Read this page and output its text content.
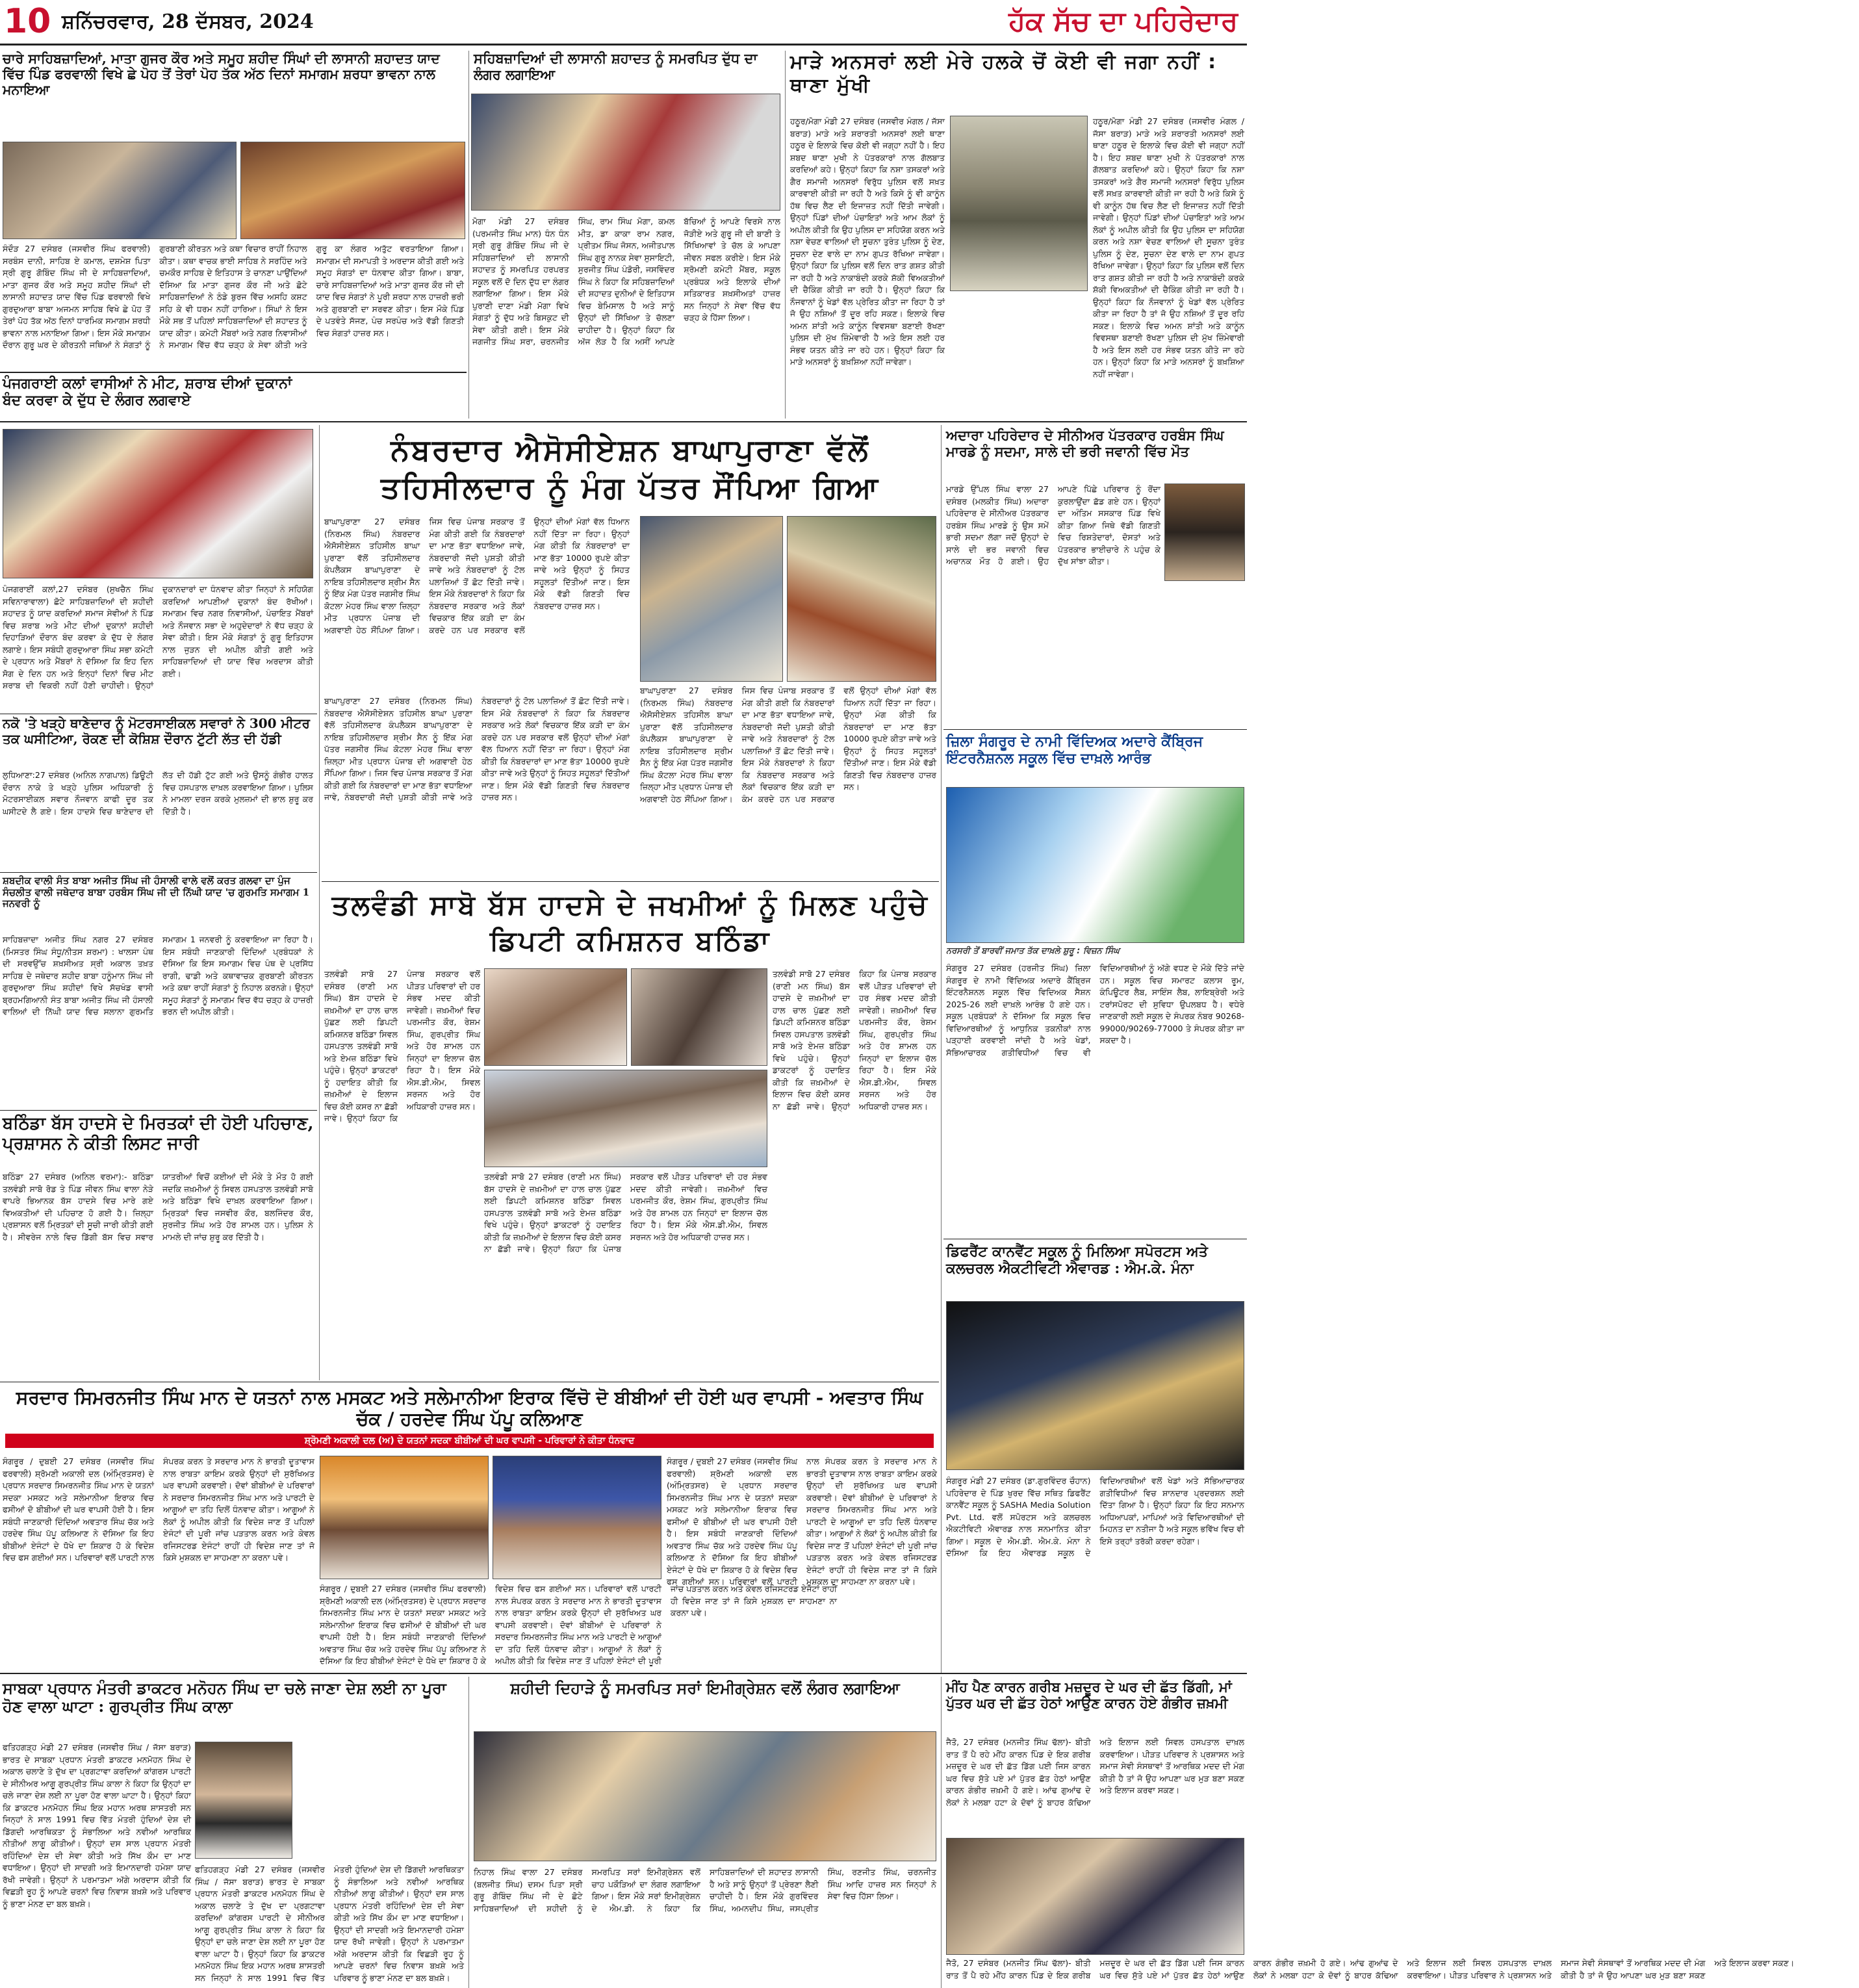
10 ਸ਼ਨਿੱਚਰਵਾਰ, 28 ਦੱਸਬਰ, 2024	ਹੱਕ ਸੱਚ ਦਾ ਪਹਿਰੇਦਾਰ
ਚਾਰੇ ਸਾਹਿਬਜ਼ਾਦਿਆਂ, ਮਾਤਾ ਗੁਜਰ ਕੌਰ ਅਤੇ ਸਮੂਹ ਸ਼ਹੀਦ ਸਿੰਘਾਂ ਦੀ ਲਾਸਾਨੀ ਸ਼ਹਾਦਤ ਯਾਦ ਵਿੱਚ ਪਿੰਡ ਫਰਵਾਲੀ ਵਿਖੇ ਛੇ ਪੋਹ ਤੋਂ ਤੇਰਾਂ ਪੋਹ ਤੱਕ ਅੱਠ ਦਿਨਾਂ ਸਮਾਗਮ ਸ਼ਰਧਾ ਭਾਵਨਾ ਨਾਲ ਮਨਾਇਆ
ਸੰਦੌੜ 27 ਦਸੰਬਰ (ਜਸਵੀਰ ਸਿੰਘ ਫਰਵਾਲੀ) ਸਰਬੰਸ ਦਾਨੀ, ਸਾਹਿਬ ਏ ਕਮਾਲ, ਦਸ਼ਮੇਸ਼ ਪਿਤਾ ਸ੍ਰੀ ਗੁਰੂ ਗੋਬਿੰਦ ਸਿੰਘ ਜੀ ਦੇ ਸਾਹਿਬਜ਼ਾਦਿਆਂ, ਮਾਤਾ ਗੁਜਰ ਕੌਰ ਅਤੇ ਸਮੂਹ ਸ਼ਹੀਦ ਸਿੰਘਾਂ ਦੀ ਲਾਸਾਨੀ ਸ਼ਹਾਦਤ ਯਾਦ ਵਿੱਚ ਪਿੰਡ ਫਰਵਾਲੀ ਵਿਖੇ ਗੁਰਦੁਆਰਾ ਬਾਬਾ ਅਜਮਨ ਸਾਹਿਬ ਵਿਖੇ ਛੇ ਪੋਹ ਤੋਂ ਤੇਰਾਂ ਪੋਹ ਤੱਕ ਅੱਠ ਦਿਨਾਂ ਧਾਰਮਿਕ ਸਮਾਗਮ ਸ਼ਰਧੀ ਭਾਵਨਾ ਨਾਲ ਮਨਾਇਆ ਗਿਆ। ਇਸ ਮੌਕੇ ਸਮਾਗਮ ਦੌਰਾਨ ਗੁਰੂ ਘਰ ਦੇ ਕੀਰਤਨੀ ਜਥਿਆਂ ਨੇ ਸੰਗਤਾਂ ਨੂੰ ਗੁਰਬਾਣੀ ਕੀਰਤਨ ਅਤੇ ਕਥਾ ਵਿਚਾਰ ਰਾਹੀਂ ਨਿਹਾਲ ਕੀਤਾ। ਕਥਾ ਵਾਚਕ ਭਾਈ ਸਾਹਿਬ ਨੇ ਸਰਹਿੰਦ ਅਤੇ ਚਮਕੌਰ ਸਾਹਿਬ ਦੇ ਇਤਿਹਾਸ ਤੇ ਚਾਨਣਾ ਪਾਉਂਦਿਆਂ ਦੱਸਿਆ ਕਿ ਮਾਤਾ ਗੁਜਰ ਕੌਰ ਜੀ ਅਤੇ ਛੋਟੇ ਸਾਹਿਬਜ਼ਾਦਿਆਂ ਨੇ ਠੰਡੇ ਬੁਰਜ ਵਿੱਚ ਅਸਹਿ ਕਸ਼ਟ ਸਹਿ ਕੇ ਵੀ ਧਰਮ ਨਹੀਂ ਹਾਰਿਆ। ਸਿੰਘਾਂ ਨੇ ਇਸ ਮੌਕੇ ਸਭ ਤੋਂ ਪਹਿਲਾਂ ਸਾਹਿਬਜ਼ਾਦਿਆਂ ਦੀ ਸ਼ਹਾਦਤ ਨੂੰ ਯਾਦ ਕੀਤਾ। ਕਮੇਟੀ ਮੈਂਬਰਾਂ ਅਤੇ ਨਗਰ ਨਿਵਾਸੀਆਂ ਨੇ ਸਮਾਗਮ ਵਿੱਚ ਵੱਧ ਚੜ੍ਹ ਕੇ ਸੇਵਾ ਕੀਤੀ ਅਤੇ ਗੁਰੂ ਕਾ ਲੰਗਰ ਅਤੁੱਟ ਵਰਤਾਇਆ ਗਿਆ। ਸਮਾਗਮ ਦੀ ਸਮਾਪਤੀ ਤੇ ਅਰਦਾਸ ਕੀਤੀ ਗਈ ਅਤੇ ਸਮੂਹ ਸੰਗਤਾਂ ਦਾ ਧੰਨਵਾਦ ਕੀਤਾ ਗਿਆ। ਬਾਬਾ, ਚਾਰੇ ਸਾਹਿਬਜ਼ਾਦਿਆਂ ਅਤੇ ਮਾਤਾ ਗੁਜਰ ਕੌਰ ਜੀ ਦੀ ਯਾਦ ਵਿਚ ਸੰਗਤਾਂ ਨੇ ਪੂਰੀ ਸ਼ਰਧਾ ਨਾਲ ਹਾਜ਼ਰੀ ਭਰੀ ਅਤੇ ਗੁਰਬਾਣੀ ਦਾ ਸਰਵਣ ਕੀਤਾ। ਇਸ ਮੌਕੇ ਪਿੰਡ ਦੇ ਪਤਵੰਤੇ ਸੱਜਣ, ਪੰਚ ਸਰਪੰਚ ਅਤੇ ਵੱਡੀ ਗਿਣਤੀ ਵਿਚ ਸੰਗਤਾਂ ਹਾਜ਼ਰ ਸਨ।
ਸਹਿਬਜ਼ਾਦਿਆਂ ਦੀ ਲਾਸਾਨੀ ਸ਼ਹਾਦਤ ਨੂੰ ਸਮਰਪਿਤ ਦੁੱਧ ਦਾ ਲੰਗਰ ਲਗਾਇਆ
ਮੋਗਾ ਮੰਡੀ 27 ਦਸੰਬਰ (ਪਰਮਜੀਤ ਸਿੰਘ ਮਾਨ) ਧੰਨ ਧੰਨ ਸ੍ਰੀ ਗੁਰੂ ਗੋਬਿੰਦ ਸਿੰਘ ਜੀ ਦੇ ਸਹਿਬਜ਼ਾਦਿਆਂ ਦੀ ਲਾਸਾਨੀ ਸ਼ਹਾਦਤ ਨੂੰ ਸਮਰਪਿਤ ਹਰਪਰਤ ਸਕੂਲ ਵਲੋਂ ਦੋ ਦਿਨ ਦੁੱਧ ਦਾ ਲੰਗਰ ਲਗਾਇਆ ਗਿਆ। ਇਸ ਮੌਕੇ ਪੁਰਾਣੀ ਦਾਣਾ ਮੰਡੀ ਮੋਗਾ ਵਿਖੇ ਸੰਗਤਾਂ ਨੂੰ ਦੁੱਧ ਅਤੇ ਬਿਸਕੁਟ ਦੀ ਸੇਵਾ ਕੀਤੀ ਗਈ। ਇਸ ਮੌਕੇ ਜਗਜੀਤ ਸਿੰਘ ਸਰਾ, ਚਰਨਜੀਤ ਸਿੰਘ, ਰਾਮ ਸਿੰਘ ਮੋਗਾ, ਕਮਲ ਮੀਤ, ਡਾ ਕਾਕਾ ਰਾਮ ਨਗਰ, ਪ੍ਰੀਤਮ ਸਿੰਘ ਜੋਸਨ, ਅਜੀਤਪਾਲ ਸਿੰਘ ਗੁਰੂ ਨਾਨਕ ਸੇਵਾ ਸੁਸਾਇਟੀ, ਸੁਰਜੀਤ ਸਿੰਘ ਪੰਡੋਰੀ, ਜਸਵਿੰਦਰ ਸਿੰਘ ਨੇ ਕਿਹਾ ਕਿ ਸਹਿਬਜ਼ਾਦਿਆਂ ਦੀ ਸ਼ਹਾਦਤ ਦੁਨੀਆਂ ਦੇ ਇਤਿਹਾਸ ਵਿਚ ਬੇਮਿਸਾਲ ਹੈ ਅਤੇ ਸਾਨੂੰ ਉਨ੍ਹਾਂ ਦੀ ਸਿੱਖਿਆ ਤੇ ਚੱਲਣਾ ਚਾਹੀਦਾ ਹੈ। ਉਨ੍ਹਾਂ ਕਿਹਾ ਕਿ ਅੱਜ ਲੋੜ ਹੈ ਕਿ ਅਸੀਂ ਆਪਣੇ ਬੱਚਿਆਂ ਨੂੰ ਆਪਣੇ ਵਿਰਸੇ ਨਾਲ ਜੋੜੀਏ ਅਤੇ ਗੁਰੂ ਜੀ ਦੀ ਬਾਣੀ ਤੇ ਸਿੱਖਿਆਵਾਂ ਤੇ ਚੱਲ ਕੇ ਆਪਣਾ ਜੀਵਨ ਸਫਲ ਕਰੀਏ। ਇਸ ਮੌਕੇ ਸ਼੍ਰੋਮਣੀ ਕਮੇਟੀ ਮੈਂਬਰ, ਸਕੂਲ ਪ੍ਰਬੰਧਕ ਅਤੇ ਇਲਾਕੇ ਦੀਆਂ ਸਤਿਕਾਰਤ ਸ਼ਖ਼ਸੀਅਤਾਂ ਹਾਜ਼ਰ ਸਨ ਜਿਨ੍ਹਾਂ ਨੇ ਸੇਵਾ ਵਿੱਚ ਵੱਧ ਚੜ੍ਹ ਕੇ ਹਿੱਸਾ ਲਿਆ।
ਮਾੜੇ ਅਨਸਰਾਂ ਲਈ ਮੇਰੇ ਹਲਕੇ ਚੋਂ ਕੋਈ ਵੀ ਜਗਾ ਨਹੀਂ : ਥਾਣਾ ਮੁੱਖੀ
ਹਠੂਰ/ਮੋਗਾ ਮੰਡੀ 27 ਦਸੰਬਰ (ਜਸਵੀਰ ਮੰਗਲ / ਜੱਸਾ ਬਰਾੜ) ਮਾੜੇ ਅਤੇ ਸ਼ਰਾਰਤੀ ਅਨਸਰਾਂ ਲਈ ਥਾਣਾ ਹਠੂਰ ਦੇ ਇਲਾਕੇ ਵਿਚ ਕੋਈ ਵੀ ਜਗ੍ਹਾ ਨਹੀਂ ਹੈ। ਇਹ ਸ਼ਬਦ ਥਾਣਾ ਮੁਖੀ ਨੇ ਪੱਤਰਕਾਰਾਂ ਨਾਲ ਗੱਲਬਾਤ ਕਰਦਿਆਂ ਕਹੇ। ਉਨ੍ਹਾਂ ਕਿਹਾ ਕਿ ਨਸ਼ਾ ਤਸਕਰਾਂ ਅਤੇ ਗੈਰ ਸਮਾਜੀ ਅਨਸਰਾਂ ਵਿਰੁੱਧ ਪੁਲਿਸ ਵਲੋਂ ਸਖ਼ਤ ਕਾਰਵਾਈ ਕੀਤੀ ਜਾ ਰਹੀ ਹੈ ਅਤੇ ਕਿਸੇ ਨੂੰ ਵੀ ਕਾਨੂੰਨ ਹੱਥ ਵਿਚ ਲੈਣ ਦੀ ਇਜਾਜ਼ਤ ਨਹੀਂ ਦਿੱਤੀ ਜਾਵੇਗੀ। ਉਨ੍ਹਾਂ ਪਿੰਡਾਂ ਦੀਆਂ ਪੰਚਾਇਤਾਂ ਅਤੇ ਆਮ ਲੋਕਾਂ ਨੂੰ ਅਪੀਲ ਕੀਤੀ ਕਿ ਉਹ ਪੁਲਿਸ ਦਾ ਸਹਿਯੋਗ ਕਰਨ ਅਤੇ ਨਸ਼ਾ ਵੇਚਣ ਵਾਲਿਆਂ ਦੀ ਸੂਚਨਾ ਤੁਰੰਤ ਪੁਲਿਸ ਨੂੰ ਦੇਣ, ਸੂਚਨਾ ਦੇਣ ਵਾਲੇ ਦਾ ਨਾਮ ਗੁਪਤ ਰੱਖਿਆ ਜਾਵੇਗਾ। ਉਨ੍ਹਾਂ ਕਿਹਾ ਕਿ ਪੁਲਿਸ ਵਲੋਂ ਦਿਨ ਰਾਤ ਗਸ਼ਤ ਕੀਤੀ ਜਾ ਰਹੀ ਹੈ ਅਤੇ ਨਾਕਾਬੰਦੀ ਕਰਕੇ ਸ਼ੱਕੀ ਵਿਅਕਤੀਆਂ ਦੀ ਚੈਕਿੰਗ ਕੀਤੀ ਜਾ ਰਹੀ ਹੈ। ਉਨ੍ਹਾਂ ਕਿਹਾ ਕਿ ਨੌਜਵਾਨਾਂ ਨੂੰ ਖੇਡਾਂ ਵੱਲ ਪ੍ਰੇਰਿਤ ਕੀਤਾ ਜਾ ਰਿਹਾ ਹੈ ਤਾਂ ਜੋ ਉਹ ਨਸ਼ਿਆਂ ਤੋਂ ਦੂਰ ਰਹਿ ਸਕਣ। ਇਲਾਕੇ ਵਿਚ ਅਮਨ ਸ਼ਾਂਤੀ ਅਤੇ ਕਾਨੂੰਨ ਵਿਵਸਥਾ ਬਣਾਈ ਰੱਖਣਾ ਪੁਲਿਸ ਦੀ ਮੁੱਖ ਜ਼ਿੰਮੇਵਾਰੀ ਹੈ ਅਤੇ ਇਸ ਲਈ ਹਰ ਸੰਭਵ ਯਤਨ ਕੀਤੇ ਜਾ ਰਹੇ ਹਨ। ਉਨ੍ਹਾਂ ਕਿਹਾ ਕਿ ਮਾੜੇ ਅਨਸਰਾਂ ਨੂੰ ਬਖ਼ਸ਼ਿਆ ਨਹੀਂ ਜਾਵੇਗਾ।
ਹਠੂਰ/ਮੋਗਾ ਮੰਡੀ 27 ਦਸੰਬਰ (ਜਸਵੀਰ ਮੰਗਲ / ਜੱਸਾ ਬਰਾੜ) ਮਾੜੇ ਅਤੇ ਸ਼ਰਾਰਤੀ ਅਨਸਰਾਂ ਲਈ ਥਾਣਾ ਹਠੂਰ ਦੇ ਇਲਾਕੇ ਵਿਚ ਕੋਈ ਵੀ ਜਗ੍ਹਾ ਨਹੀਂ ਹੈ। ਇਹ ਸ਼ਬਦ ਥਾਣਾ ਮੁਖੀ ਨੇ ਪੱਤਰਕਾਰਾਂ ਨਾਲ ਗੱਲਬਾਤ ਕਰਦਿਆਂ ਕਹੇ। ਉਨ੍ਹਾਂ ਕਿਹਾ ਕਿ ਨਸ਼ਾ ਤਸਕਰਾਂ ਅਤੇ ਗੈਰ ਸਮਾਜੀ ਅਨਸਰਾਂ ਵਿਰੁੱਧ ਪੁਲਿਸ ਵਲੋਂ ਸਖ਼ਤ ਕਾਰਵਾਈ ਕੀਤੀ ਜਾ ਰਹੀ ਹੈ ਅਤੇ ਕਿਸੇ ਨੂੰ ਵੀ ਕਾਨੂੰਨ ਹੱਥ ਵਿਚ ਲੈਣ ਦੀ ਇਜਾਜ਼ਤ ਨਹੀਂ ਦਿੱਤੀ ਜਾਵੇਗੀ। ਉਨ੍ਹਾਂ ਪਿੰਡਾਂ ਦੀਆਂ ਪੰਚਾਇਤਾਂ ਅਤੇ ਆਮ ਲੋਕਾਂ ਨੂੰ ਅਪੀਲ ਕੀਤੀ ਕਿ ਉਹ ਪੁਲਿਸ ਦਾ ਸਹਿਯੋਗ ਕਰਨ ਅਤੇ ਨਸ਼ਾ ਵੇਚਣ ਵਾਲਿਆਂ ਦੀ ਸੂਚਨਾ ਤੁਰੰਤ ਪੁਲਿਸ ਨੂੰ ਦੇਣ, ਸੂਚਨਾ ਦੇਣ ਵਾਲੇ ਦਾ ਨਾਮ ਗੁਪਤ ਰੱਖਿਆ ਜਾਵੇਗਾ। ਉਨ੍ਹਾਂ ਕਿਹਾ ਕਿ ਪੁਲਿਸ ਵਲੋਂ ਦਿਨ ਰਾਤ ਗਸ਼ਤ ਕੀਤੀ ਜਾ ਰਹੀ ਹੈ ਅਤੇ ਨਾਕਾਬੰਦੀ ਕਰਕੇ ਸ਼ੱਕੀ ਵਿਅਕਤੀਆਂ ਦੀ ਚੈਕਿੰਗ ਕੀਤੀ ਜਾ ਰਹੀ ਹੈ। ਉਨ੍ਹਾਂ ਕਿਹਾ ਕਿ ਨੌਜਵਾਨਾਂ ਨੂੰ ਖੇਡਾਂ ਵੱਲ ਪ੍ਰੇਰਿਤ ਕੀਤਾ ਜਾ ਰਿਹਾ ਹੈ ਤਾਂ ਜੋ ਉਹ ਨਸ਼ਿਆਂ ਤੋਂ ਦੂਰ ਰਹਿ ਸਕਣ। ਇਲਾਕੇ ਵਿਚ ਅਮਨ ਸ਼ਾਂਤੀ ਅਤੇ ਕਾਨੂੰਨ ਵਿਵਸਥਾ ਬਣਾਈ ਰੱਖਣਾ ਪੁਲਿਸ ਦੀ ਮੁੱਖ ਜ਼ਿੰਮੇਵਾਰੀ ਹੈ ਅਤੇ ਇਸ ਲਈ ਹਰ ਸੰਭਵ ਯਤਨ ਕੀਤੇ ਜਾ ਰਹੇ ਹਨ। ਉਨ੍ਹਾਂ ਕਿਹਾ ਕਿ ਮਾੜੇ ਅਨਸਰਾਂ ਨੂੰ ਬਖ਼ਸ਼ਿਆ ਨਹੀਂ ਜਾਵੇਗਾ।
ਪੰਜਗਰਾਈ ਕਲਾਂ ਵਾਸੀਆਂ ਨੇ ਮੀਟ, ਸ਼ਰਾਬ ਦੀਆਂ ਦੁਕਾਨਾਂ ਬੰਦ ਕਰਵਾ ਕੇ ਦੁੱਧ ਦੇ ਲੰਗਰ ਲਗਵਾਏ
ਪੰਜਗਰਾਈਂ ਕਲਾਂ,27 ਦਸੰਬਰ (ਸੁਖਚੈਨ ਸਿੰਘ ਸਵਿਨਾਰਾਵਾਲਾ) ਛੋਟੇ ਸਾਹਿਬਜ਼ਾਦਿਆਂ ਦੀ ਸ਼ਹੀਦੀ ਸ਼ਹਾਦਤ ਨੂੰ ਯਾਦ ਕਰਦਿਆਂ ਸਮਾਜ ਸੇਵੀਆਂ ਨੇ ਪਿੰਡ ਵਿਚ ਸ਼ਰਾਬ ਅਤੇ ਮੀਟ ਦੀਆਂ ਦੁਕਾਨਾਂ ਸ਼ਹੀਦੀ ਦਿਹਾੜਿਆਂ ਦੌਰਾਨ ਬੰਦ ਕਰਵਾ ਕੇ ਦੁੱਧ ਦੇ ਲੰਗਰ ਲਗਾਏ। ਇਸ ਸਬੰਧੀ ਗੁਰਦੁਆਰਾ ਸਿੰਘ ਸਭਾ ਕਮੇਟੀ ਦੇ ਪ੍ਰਧਾਨ ਅਤੇ ਮੈਂਬਰਾਂ ਨੇ ਦੱਸਿਆ ਕਿ ਇਹ ਦਿਨ ਸੋਗ ਦੇ ਦਿਨ ਹਨ ਅਤੇ ਇਨ੍ਹਾਂ ਦਿਨਾਂ ਵਿਚ ਮੀਟ ਸ਼ਰਾਬ ਦੀ ਵਿਕਰੀ ਨਹੀਂ ਹੋਣੀ ਚਾਹੀਦੀ। ਉਨ੍ਹਾਂ ਦੁਕਾਨਦਾਰਾਂ ਦਾ ਧੰਨਵਾਦ ਕੀਤਾ ਜਿਨ੍ਹਾਂ ਨੇ ਸਹਿਯੋਗ ਕਰਦਿਆਂ ਆਪਣੀਆਂ ਦੁਕਾਨਾਂ ਬੰਦ ਰੱਖੀਆਂ। ਸਮਾਗਮ ਵਿਚ ਨਗਰ ਨਿਵਾਸੀਆਂ, ਪੰਚਾਇਤ ਮੈਂਬਰਾਂ ਅਤੇ ਨੌਜਵਾਨ ਸਭਾ ਦੇ ਅਹੁਦੇਦਾਰਾਂ ਨੇ ਵੱਧ ਚੜ੍ਹ ਕੇ ਸੇਵਾ ਕੀਤੀ। ਇਸ ਮੌਕੇ ਸੰਗਤਾਂ ਨੂੰ ਗੁਰੂ ਇਤਿਹਾਸ ਨਾਲ ਜੁੜਨ ਦੀ ਅਪੀਲ ਕੀਤੀ ਗਈ ਅਤੇ ਸਾਹਿਬਜ਼ਾਦਿਆਂ ਦੀ ਯਾਦ ਵਿੱਚ ਅਰਦਾਸ ਕੀਤੀ ਗਈ।
ਨੰਬਰਦਾਰ ਐਸੋਸੀਏਸ਼ਨ ਬਾਘਾਪੁਰਾਣਾ ਵੱਲੋਂ ਤਹਿਸੀਲਦਾਰ ਨੂੰ ਮੰਗ ਪੱਤਰ ਸੌਂਪਿਆ ਗਿਆ
ਬਾਘਾਪੁਰਾਣਾ 27 ਦਸੰਬਰ (ਨਿਰਮਲ ਸਿੰਘ) ਨੰਬਰਦਾਰ ਐਸੋਸੀਏਸ਼ਨ ਤਹਿਸੀਲ ਬਾਘਾ ਪੁਰਾਣਾ ਵੱਲੋਂ ਤਹਿਸੀਲਦਾਰ ਕੰਪਲੈਕਸ ਬਾਘਾਪੁਰਾਣਾ ਦੇ ਨਾਇਬ ਤਹਿਸੀਲਦਾਰ ਸ਼੍ਰੀਮ ਸੈਨ ਨੂੰ ਇੱਕ ਮੰਗ ਪੱਤਰ ਜਗਸੀਰ ਸਿੰਘ ਕੋਟਲਾ ਮੇਹਰ ਸਿੰਘ ਵਾਲਾ ਜ਼ਿਲ੍ਹਾ ਮੀਤ ਪ੍ਰਧਾਨ ਪੰਜਾਬ ਦੀ ਅਗਵਾਈ ਹੇਠ ਸੌਂਪਿਆ ਗਿਆ। ਜਿਸ ਵਿਚ ਪੰਜਾਬ ਸਰਕਾਰ ਤੋਂ ਮੰਗ ਕੀਤੀ ਗਈ ਕਿ ਨੰਬਰਦਾਰਾਂ ਦਾ ਮਾਣ ਭੱਤਾ ਵਧਾਇਆ ਜਾਵੇ, ਨੰਬਰਦਾਰੀ ਜੱਦੀ ਪੁਸ਼ਤੀ ਕੀਤੀ ਜਾਵੇ ਅਤੇ ਨੰਬਰਦਾਰਾਂ ਨੂੰ ਟੋਲ ਪਲਾਜ਼ਿਆਂ ਤੋਂ ਛੋਟ ਦਿੱਤੀ ਜਾਵੇ। ਇਸ ਮੌਕੇ ਨੰਬਰਦਾਰਾਂ ਨੇ ਕਿਹਾ ਕਿ ਨੰਬਰਦਾਰ ਸਰਕਾਰ ਅਤੇ ਲੋਕਾਂ ਵਿਚਕਾਰ ਇੱਕ ਕੜੀ ਦਾ ਕੰਮ ਕਰਦੇ ਹਨ ਪਰ ਸਰਕਾਰ ਵਲੋਂ ਉਨ੍ਹਾਂ ਦੀਆਂ ਮੰਗਾਂ ਵੱਲ ਧਿਆਨ ਨਹੀਂ ਦਿੱਤਾ ਜਾ ਰਿਹਾ। ਉਨ੍ਹਾਂ ਮੰਗ ਕੀਤੀ ਕਿ ਨੰਬਰਦਾਰਾਂ ਦਾ ਮਾਣ ਭੱਤਾ 10000 ਰੁਪਏ ਕੀਤਾ ਜਾਵੇ ਅਤੇ ਉਨ੍ਹਾਂ ਨੂੰ ਸਿਹਤ ਸਹੂਲਤਾਂ ਦਿੱਤੀਆਂ ਜਾਣ। ਇਸ ਮੌਕੇ ਵੱਡੀ ਗਿਣਤੀ ਵਿਚ ਨੰਬਰਦਾਰ ਹਾਜ਼ਰ ਸਨ।
ਬਾਘਾਪੁਰਾਣਾ 27 ਦਸੰਬਰ (ਨਿਰਮਲ ਸਿੰਘ) ਨੰਬਰਦਾਰ ਐਸੋਸੀਏਸ਼ਨ ਤਹਿਸੀਲ ਬਾਘਾ ਪੁਰਾਣਾ ਵੱਲੋਂ ਤਹਿਸੀਲਦਾਰ ਕੰਪਲੈਕਸ ਬਾਘਾਪੁਰਾਣਾ ਦੇ ਨਾਇਬ ਤਹਿਸੀਲਦਾਰ ਸ਼੍ਰੀਮ ਸੈਨ ਨੂੰ ਇੱਕ ਮੰਗ ਪੱਤਰ ਜਗਸੀਰ ਸਿੰਘ ਕੋਟਲਾ ਮੇਹਰ ਸਿੰਘ ਵਾਲਾ ਜ਼ਿਲ੍ਹਾ ਮੀਤ ਪ੍ਰਧਾਨ ਪੰਜਾਬ ਦੀ ਅਗਵਾਈ ਹੇਠ ਸੌਂਪਿਆ ਗਿਆ। ਜਿਸ ਵਿਚ ਪੰਜਾਬ ਸਰਕਾਰ ਤੋਂ ਮੰਗ ਕੀਤੀ ਗਈ ਕਿ ਨੰਬਰਦਾਰਾਂ ਦਾ ਮਾਣ ਭੱਤਾ ਵਧਾਇਆ ਜਾਵੇ, ਨੰਬਰਦਾਰੀ ਜੱਦੀ ਪੁਸ਼ਤੀ ਕੀਤੀ ਜਾਵੇ ਅਤੇ ਨੰਬਰਦਾਰਾਂ ਨੂੰ ਟੋਲ ਪਲਾਜ਼ਿਆਂ ਤੋਂ ਛੋਟ ਦਿੱਤੀ ਜਾਵੇ। ਇਸ ਮੌਕੇ ਨੰਬਰਦਾਰਾਂ ਨੇ ਕਿਹਾ ਕਿ ਨੰਬਰਦਾਰ ਸਰਕਾਰ ਅਤੇ ਲੋਕਾਂ ਵਿਚਕਾਰ ਇੱਕ ਕੜੀ ਦਾ ਕੰਮ ਕਰਦੇ ਹਨ ਪਰ ਸਰਕਾਰ ਵਲੋਂ ਉਨ੍ਹਾਂ ਦੀਆਂ ਮੰਗਾਂ ਵੱਲ ਧਿਆਨ ਨਹੀਂ ਦਿੱਤਾ ਜਾ ਰਿਹਾ। ਉਨ੍ਹਾਂ ਮੰਗ ਕੀਤੀ ਕਿ ਨੰਬਰਦਾਰਾਂ ਦਾ ਮਾਣ ਭੱਤਾ 10000 ਰੁਪਏ ਕੀਤਾ ਜਾਵੇ ਅਤੇ ਉਨ੍ਹਾਂ ਨੂੰ ਸਿਹਤ ਸਹੂਲਤਾਂ ਦਿੱਤੀਆਂ ਜਾਣ। ਇਸ ਮੌਕੇ ਵੱਡੀ ਗਿਣਤੀ ਵਿਚ ਨੰਬਰਦਾਰ ਹਾਜ਼ਰ ਸਨ।
ਬਾਘਾਪੁਰਾਣਾ 27 ਦਸੰਬਰ (ਨਿਰਮਲ ਸਿੰਘ) ਨੰਬਰਦਾਰ ਐਸੋਸੀਏਸ਼ਨ ਤਹਿਸੀਲ ਬਾਘਾ ਪੁਰਾਣਾ ਵੱਲੋਂ ਤਹਿਸੀਲਦਾਰ ਕੰਪਲੈਕਸ ਬਾਘਾਪੁਰਾਣਾ ਦੇ ਨਾਇਬ ਤਹਿਸੀਲਦਾਰ ਸ਼੍ਰੀਮ ਸੈਨ ਨੂੰ ਇੱਕ ਮੰਗ ਪੱਤਰ ਜਗਸੀਰ ਸਿੰਘ ਕੋਟਲਾ ਮੇਹਰ ਸਿੰਘ ਵਾਲਾ ਜ਼ਿਲ੍ਹਾ ਮੀਤ ਪ੍ਰਧਾਨ ਪੰਜਾਬ ਦੀ ਅਗਵਾਈ ਹੇਠ ਸੌਂਪਿਆ ਗਿਆ। ਜਿਸ ਵਿਚ ਪੰਜਾਬ ਸਰਕਾਰ ਤੋਂ ਮੰਗ ਕੀਤੀ ਗਈ ਕਿ ਨੰਬਰਦਾਰਾਂ ਦਾ ਮਾਣ ਭੱਤਾ ਵਧਾਇਆ ਜਾਵੇ, ਨੰਬਰਦਾਰੀ ਜੱਦੀ ਪੁਸ਼ਤੀ ਕੀਤੀ ਜਾਵੇ ਅਤੇ ਨੰਬਰਦਾਰਾਂ ਨੂੰ ਟੋਲ ਪਲਾਜ਼ਿਆਂ ਤੋਂ ਛੋਟ ਦਿੱਤੀ ਜਾਵੇ। ਇਸ ਮੌਕੇ ਨੰਬਰਦਾਰਾਂ ਨੇ ਕਿਹਾ ਕਿ ਨੰਬਰਦਾਰ ਸਰਕਾਰ ਅਤੇ ਲੋਕਾਂ ਵਿਚਕਾਰ ਇੱਕ ਕੜੀ ਦਾ ਕੰਮ ਕਰਦੇ ਹਨ ਪਰ ਸਰਕਾਰ ਵਲੋਂ ਉਨ੍ਹਾਂ ਦੀਆਂ ਮੰਗਾਂ ਵੱਲ ਧਿਆਨ ਨਹੀਂ ਦਿੱਤਾ ਜਾ ਰਿਹਾ। ਉਨ੍ਹਾਂ ਮੰਗ ਕੀਤੀ ਕਿ ਨੰਬਰਦਾਰਾਂ ਦਾ ਮਾਣ ਭੱਤਾ 10000 ਰੁਪਏ ਕੀਤਾ ਜਾਵੇ ਅਤੇ ਉਨ੍ਹਾਂ ਨੂੰ ਸਿਹਤ ਸਹੂਲਤਾਂ ਦਿੱਤੀਆਂ ਜਾਣ। ਇਸ ਮੌਕੇ ਵੱਡੀ ਗਿਣਤੀ ਵਿਚ ਨੰਬਰਦਾਰ ਹਾਜ਼ਰ ਸਨ।
ਅਦਾਰਾ ਪਹਿਰੇਦਾਰ ਦੇ ਸੀਨੀਅਰ ਪੱਤਰਕਾਰ ਹਰਬੰਸ ਸਿੰਘ ਮਾਰਡੇ ਨੂੰ ਸਦਮਾ, ਸਾਲੇ ਦੀ ਭਰੀ ਜਵਾਨੀ ਵਿੱਚ ਮੌਤ
ਮਾਰਡੇ ਉੱਪਲ ਸਿੰਘ ਵਾਲਾ 27 ਦਸੰਬਰ (ਮਲਕੀਤ ਸਿੰਘ) ਅਦਾਰਾ ਪਹਿਰੇਦਾਰ ਦੇ ਸੀਨੀਅਰ ਪੱਤਰਕਾਰ ਹਰਬੰਸ ਸਿੰਘ ਮਾਰਡੇ ਨੂੰ ਉਸ ਸਮੇਂ ਭਾਰੀ ਸਦਮਾ ਲੱਗਾ ਜਦੋਂ ਉਨ੍ਹਾਂ ਦੇ ਸਾਲੇ ਦੀ ਭਰ ਜਵਾਨੀ ਵਿਚ ਅਚਾਨਕ ਮੌਤ ਹੋ ਗਈ। ਉਹ ਆਪਣੇ ਪਿੱਛੇ ਪਰਿਵਾਰ ਨੂੰ ਰੋਂਦਾ ਕੁਰਲਾਉਂਦਾ ਛੱਡ ਗਏ ਹਨ। ਉਨ੍ਹਾਂ ਦਾ ਅੰਤਿਮ ਸਸਕਾਰ ਪਿੰਡ ਵਿਖੇ ਕੀਤਾ ਗਿਆ ਜਿਥੇ ਵੱਡੀ ਗਿਣਤੀ ਵਿਚ ਰਿਸ਼ਤੇਦਾਰਾਂ, ਦੋਸਤਾਂ ਅਤੇ ਪੱਤਰਕਾਰ ਭਾਈਚਾਰੇ ਨੇ ਪਹੁੰਚ ਕੇ ਦੁੱਖ ਸਾਂਝਾ ਕੀਤਾ।
ਜ਼ਿਲਾ ਸੰਗਰੂਰ ਦੇ ਨਾਮੀ ਵਿੱਦਿਅਕ ਅਦਾਰੇ ਕੈਂਬ੍ਰਿਜ ਇੰਟਰਨੈਸ਼ਨਲ ਸਕੂਲ ਵਿੱਚ ਦਾਖ਼ਲੇ ਆਰੰਭ
ਨਰਸਰੀ ਤੋਂ ਬਾਰਵੀਂ ਜਮਾਤ ਤੱਕ ਦਾਖ਼ਲੇ ਸ਼ੁਰੂ : ਵਿਜ਼ਨ ਸਿੰਘ
ਸੰਗਰੂਰ 27 ਦਸੰਬਰ (ਹਰਜੀਤ ਸਿੰਘ) ਜ਼ਿਲਾ ਸੰਗਰੂਰ ਦੇ ਨਾਮੀ ਵਿੱਦਿਅਕ ਅਦਾਰੇ ਕੈਂਬ੍ਰਿਜ ਇੰਟਰਨੈਸ਼ਨਲ ਸਕੂਲ ਵਿੱਚ ਵਿਦਿਅਕ ਸੈਸ਼ਨ 2025-26 ਲਈ ਦਾਖ਼ਲੇ ਆਰੰਭ ਹੋ ਗਏ ਹਨ। ਸਕੂਲ ਪ੍ਰਬੰਧਕਾਂ ਨੇ ਦੱਸਿਆ ਕਿ ਸਕੂਲ ਵਿਚ ਵਿਦਿਆਰਥੀਆਂ ਨੂੰ ਆਧੁਨਿਕ ਤਕਨੀਕਾਂ ਨਾਲ ਪੜ੍ਹਾਈ ਕਰਵਾਈ ਜਾਂਦੀ ਹੈ ਅਤੇ ਖੇਡਾਂ, ਸੱਭਿਆਚਾਰਕ ਗਤੀਵਿਧੀਆਂ ਵਿਚ ਵੀ ਵਿਦਿਆਰਥੀਆਂ ਨੂੰ ਅੱਗੇ ਵਧਣ ਦੇ ਮੌਕੇ ਦਿੱਤੇ ਜਾਂਦੇ ਹਨ। ਸਕੂਲ ਵਿਚ ਸਮਾਰਟ ਕਲਾਸ ਰੂਮ, ਕੰਪਿਊਟਰ ਲੈਬ, ਸਾਇੰਸ ਲੈਬ, ਲਾਇਬ੍ਰੇਰੀ ਅਤੇ ਟਰਾਂਸਪੋਰਟ ਦੀ ਸੁਵਿਧਾ ਉਪਲਬਧ ਹੈ। ਵਧੇਰੇ ਜਾਣਕਾਰੀ ਲਈ ਸਕੂਲ ਦੇ ਸੰਪਰਕ ਨੰਬਰ 90268-99000/90269-77000 ਤੇ ਸੰਪਰਕ ਕੀਤਾ ਜਾ ਸਕਦਾ ਹੈ।
ਨਕੋ 'ਤੇ ਖੜ੍ਹੇ ਥਾਣੇਦਾਰ ਨੂੰ ਮੋਟਰਸਾਈਕਲ ਸਵਾਰਾਂ ਨੇ 300 ਮੀਟਰ ਤਕ ਘਸੀਟਿਆ, ਰੋਕਣ ਦੀ ਕੋਸ਼ਿਸ਼ ਦੌਰਾਨ ਟੁੱਟੀ ਲੱਤ ਦੀ ਹੱਡੀ
ਲੁਧਿਆਣਾ:27 ਦਸੰਬਰ (ਅਨਿਲ ਨਾਗਪਾਲ) ਡਿਊਟੀ ਦੌਰਾਨ ਨਾਕੇ ਤੇ ਖੜ੍ਹੇ ਪੁਲਿਸ ਅਧਿਕਾਰੀ ਨੂੰ ਮੋਟਰਸਾਈਕਲ ਸਵਾਰ ਨੌਜਵਾਨ ਕਾਫੀ ਦੂਰ ਤਕ ਘਸੀਟਦੇ ਲੈ ਗਏ। ਇਸ ਹਾਦਸੇ ਵਿਚ ਥਾਣੇਦਾਰ ਦੀ ਲੱਤ ਦੀ ਹੱਡੀ ਟੁੱਟ ਗਈ ਅਤੇ ਉਸਨੂੰ ਗੰਭੀਰ ਹਾਲਤ ਵਿਚ ਹਸਪਤਾਲ ਦਾਖ਼ਲ ਕਰਵਾਇਆ ਗਿਆ। ਪੁਲਿਸ ਨੇ ਮਾਮਲਾ ਦਰਜ ਕਰਕੇ ਮੁਲਜ਼ਮਾਂ ਦੀ ਭਾਲ ਸ਼ੁਰੂ ਕਰ ਦਿੱਤੀ ਹੈ।
ਸ਼ਬਦੀਕ ਵਾਲੀ ਸੰਤ ਬਾਬਾ ਅਜੀਤ ਸਿੰਘ ਜੀ ਹੰਸਾਲੀ ਵਾਲੇ ਵਲੋਂ ਕਰਤ ਗਲਵਾ ਦਾ ਪੁੰਜ ਸੰਚਲੀਤ ਵਾਲੀ ਜਥੇਦਾਰ ਬਾਬਾ ਹਰਬੰਸ ਸਿੰਘ ਜੀ ਦੀ ਨਿੱਘੀ ਯਾਦ 'ਚ ਗੁਰਮਤਿ ਸਮਾਗਮ 1 ਜਨਵਰੀ ਨੂੰ
ਸਾਹਿਬਜ਼ਾਦਾ ਅਜੀਤ ਸਿੰਘ ਨਗਰ 27 ਦਸੰਬਰ (ਮਿਸਤਰ ਸਿੰਘ ਸੰਧੂ/ਨੀਤਸ ਸ਼ਰਮਾ) : ਖਾਲਸਾ ਪੰਥ ਦੀ ਸਰਵਉੱਚ ਸ਼ਖ਼ਸੀਅਤ ਸ੍ਰੀ ਅਕਾਲ ਤਖ਼ਤ ਸਾਹਿਬ ਦੇ ਜਥੇਦਾਰ ਸ਼ਹੀਦ ਬਾਬਾ ਹਨੂੰਮਾਨ ਸਿੰਘ ਜੀ ਗੁਰਦੁਆਰਾ ਸਿੰਘ ਸ਼ਹੀਦਾਂ ਵਿਖੇ ਸੱਚਖੰਡ ਵਾਸੀ ਬ੍ਰਹਮਗਿਆਨੀ ਸੰਤ ਬਾਬਾ ਅਜੀਤ ਸਿੰਘ ਜੀ ਹੰਸਾਲੀ ਵਾਲਿਆਂ ਦੀ ਨਿੱਘੀ ਯਾਦ ਵਿਚ ਸਲਾਨਾ ਗੁਰਮਤਿ ਸਮਾਗਮ 1 ਜਨਵਰੀ ਨੂੰ ਕਰਵਾਇਆ ਜਾ ਰਿਹਾ ਹੈ। ਇਸ ਸਬੰਧੀ ਜਾਣਕਾਰੀ ਦਿੰਦਿਆਂ ਪ੍ਰਬੰਧਕਾਂ ਨੇ ਦੱਸਿਆ ਕਿ ਇਸ ਸਮਾਗਮ ਵਿਚ ਪੰਥ ਦੇ ਪ੍ਰਸਿੱਧ ਰਾਗੀ, ਢਾਡੀ ਅਤੇ ਕਥਾਵਾਚਕ ਗੁਰਬਾਣੀ ਕੀਰਤਨ ਅਤੇ ਕਥਾ ਰਾਹੀਂ ਸੰਗਤਾਂ ਨੂੰ ਨਿਹਾਲ ਕਰਨਗੇ। ਉਨ੍ਹਾਂ ਸਮੂਹ ਸੰਗਤਾਂ ਨੂੰ ਸਮਾਗਮ ਵਿਚ ਵੱਧ ਚੜ੍ਹ ਕੇ ਹਾਜ਼ਰੀ ਭਰਨ ਦੀ ਅਪੀਲ ਕੀਤੀ।
ਬਠਿੰਡਾ ਬੱਸ ਹਾਦਸੇ ਦੇ ਮਿਰਤਕਾਂ ਦੀ ਹੋਈ ਪਹਿਚਾਣ, ਪ੍ਰਸ਼ਾਸਨ ਨੇ ਕੀਤੀ ਲਿਸਟ ਜਾਰੀ
ਬਠਿੰਡਾ 27 ਦਸੰਬਰ (ਅਨਿਲ ਵਰਮਾ):- ਬਠਿੰਡਾ ਤਲਵੰਡੀ ਸਾਬੋ ਰੋਡ ਤੇ ਪਿੰਡ ਜੀਵਨ ਸਿੰਘ ਵਾਲਾ ਨੇੜੇ ਵਾਪਰੇ ਭਿਆਨਕ ਬੱਸ ਹਾਦਸੇ ਵਿਚ ਮਾਰੇ ਗਏ ਵਿਅਕਤੀਆਂ ਦੀ ਪਹਿਚਾਣ ਹੋ ਗਈ ਹੈ। ਜ਼ਿਲ੍ਹਾ ਪ੍ਰਸ਼ਾਸਨ ਵਲੋਂ ਮ੍ਰਿਤਕਾਂ ਦੀ ਸੂਚੀ ਜਾਰੀ ਕੀਤੀ ਗਈ ਹੈ। ਸੀਵਰੇਜ ਨਾਲੇ ਵਿਚ ਡਿੱਗੀ ਬੱਸ ਵਿਚ ਸਵਾਰ ਯਾਤਰੀਆਂ ਵਿਚੋਂ ਕਈਆਂ ਦੀ ਮੌਕੇ ਤੇ ਮੌਤ ਹੋ ਗਈ ਜਦਕਿ ਜ਼ਖ਼ਮੀਆਂ ਨੂੰ ਸਿਵਲ ਹਸਪਤਾਲ ਤਲਵੰਡੀ ਸਾਬੋ ਅਤੇ ਬਠਿੰਡਾ ਵਿਖੇ ਦਾਖ਼ਲ ਕਰਵਾਇਆ ਗਿਆ। ਮ੍ਰਿਤਕਾਂ ਵਿਚ ਜਸਵੀਰ ਕੌਰ, ਬਲਜਿੰਦਰ ਕੌਰ, ਸੁਰਜੀਤ ਸਿੰਘ ਅਤੇ ਹੋਰ ਸ਼ਾਮਲ ਹਨ। ਪੁਲਿਸ ਨੇ ਮਾਮਲੇ ਦੀ ਜਾਂਚ ਸ਼ੁਰੂ ਕਰ ਦਿੱਤੀ ਹੈ।
ਤਲਵੰਡੀ ਸਾਬੋ ਬੱਸ ਹਾਦਸੇ ਦੇ ਜਖਮੀਆਂ ਨੂੰ ਮਿਲਣ ਪਹੁੰਚੇ ਡਿਪਟੀ ਕਮਿਸ਼ਨਰ ਬਠਿੰਡਾ
ਤਲਵੰਡੀ ਸਾਬੋ 27 ਦਸੰਬਰ (ਰਾਣੀ ਮਨ ਸਿੰਘ) ਬੱਸ ਹਾਦਸੇ ਦੇ ਜ਼ਖ਼ਮੀਆਂ ਦਾ ਹਾਲ ਚਾਲ ਪੁੱਛਣ ਲਈ ਡਿਪਟੀ ਕਮਿਸ਼ਨਰ ਬਠਿੰਡਾ ਸਿਵਲ ਹਸਪਤਾਲ ਤਲਵੰਡੀ ਸਾਬੋ ਅਤੇ ਏਮਜ਼ ਬਠਿੰਡਾ ਵਿਖੇ ਪਹੁੰਚੇ। ਉਨ੍ਹਾਂ ਡਾਕਟਰਾਂ ਨੂੰ ਹਦਾਇਤ ਕੀਤੀ ਕਿ ਜ਼ਖ਼ਮੀਆਂ ਦੇ ਇਲਾਜ ਵਿਚ ਕੋਈ ਕਸਰ ਨਾ ਛੱਡੀ ਜਾਵੇ। ਉਨ੍ਹਾਂ ਕਿਹਾ ਕਿ ਪੰਜਾਬ ਸਰਕਾਰ ਵਲੋਂ ਪੀੜਤ ਪਰਿਵਾਰਾਂ ਦੀ ਹਰ ਸੰਭਵ ਮਦਦ ਕੀਤੀ ਜਾਵੇਗੀ। ਜ਼ਖ਼ਮੀਆਂ ਵਿਚ ਪਰਮਜੀਤ ਕੌਰ, ਰੇਸ਼ਮ ਸਿੰਘ, ਗੁਰਪ੍ਰੀਤ ਸਿੰਘ ਅਤੇ ਹੋਰ ਸ਼ਾਮਲ ਹਨ ਜਿਨ੍ਹਾਂ ਦਾ ਇਲਾਜ ਚੱਲ ਰਿਹਾ ਹੈ। ਇਸ ਮੌਕੇ ਐਸ.ਡੀ.ਐਮ, ਸਿਵਲ ਸਰਜਨ ਅਤੇ ਹੋਰ ਅਧਿਕਾਰੀ ਹਾਜ਼ਰ ਸਨ।
ਤਲਵੰਡੀ ਸਾਬੋ 27 ਦਸੰਬਰ (ਰਾਣੀ ਮਨ ਸਿੰਘ) ਬੱਸ ਹਾਦਸੇ ਦੇ ਜ਼ਖ਼ਮੀਆਂ ਦਾ ਹਾਲ ਚਾਲ ਪੁੱਛਣ ਲਈ ਡਿਪਟੀ ਕਮਿਸ਼ਨਰ ਬਠਿੰਡਾ ਸਿਵਲ ਹਸਪਤਾਲ ਤਲਵੰਡੀ ਸਾਬੋ ਅਤੇ ਏਮਜ਼ ਬਠਿੰਡਾ ਵਿਖੇ ਪਹੁੰਚੇ। ਉਨ੍ਹਾਂ ਡਾਕਟਰਾਂ ਨੂੰ ਹਦਾਇਤ ਕੀਤੀ ਕਿ ਜ਼ਖ਼ਮੀਆਂ ਦੇ ਇਲਾਜ ਵਿਚ ਕੋਈ ਕਸਰ ਨਾ ਛੱਡੀ ਜਾਵੇ। ਉਨ੍ਹਾਂ ਕਿਹਾ ਕਿ ਪੰਜਾਬ ਸਰਕਾਰ ਵਲੋਂ ਪੀੜਤ ਪਰਿਵਾਰਾਂ ਦੀ ਹਰ ਸੰਭਵ ਮਦਦ ਕੀਤੀ ਜਾਵੇਗੀ। ਜ਼ਖ਼ਮੀਆਂ ਵਿਚ ਪਰਮਜੀਤ ਕੌਰ, ਰੇਸ਼ਮ ਸਿੰਘ, ਗੁਰਪ੍ਰੀਤ ਸਿੰਘ ਅਤੇ ਹੋਰ ਸ਼ਾਮਲ ਹਨ ਜਿਨ੍ਹਾਂ ਦਾ ਇਲਾਜ ਚੱਲ ਰਿਹਾ ਹੈ। ਇਸ ਮੌਕੇ ਐਸ.ਡੀ.ਐਮ, ਸਿਵਲ ਸਰਜਨ ਅਤੇ ਹੋਰ ਅਧਿਕਾਰੀ ਹਾਜ਼ਰ ਸਨ।
ਤਲਵੰਡੀ ਸਾਬੋ 27 ਦਸੰਬਰ (ਰਾਣੀ ਮਨ ਸਿੰਘ) ਬੱਸ ਹਾਦਸੇ ਦੇ ਜ਼ਖ਼ਮੀਆਂ ਦਾ ਹਾਲ ਚਾਲ ਪੁੱਛਣ ਲਈ ਡਿਪਟੀ ਕਮਿਸ਼ਨਰ ਬਠਿੰਡਾ ਸਿਵਲ ਹਸਪਤਾਲ ਤਲਵੰਡੀ ਸਾਬੋ ਅਤੇ ਏਮਜ਼ ਬਠਿੰਡਾ ਵਿਖੇ ਪਹੁੰਚੇ। ਉਨ੍ਹਾਂ ਡਾਕਟਰਾਂ ਨੂੰ ਹਦਾਇਤ ਕੀਤੀ ਕਿ ਜ਼ਖ਼ਮੀਆਂ ਦੇ ਇਲਾਜ ਵਿਚ ਕੋਈ ਕਸਰ ਨਾ ਛੱਡੀ ਜਾਵੇ। ਉਨ੍ਹਾਂ ਕਿਹਾ ਕਿ ਪੰਜਾਬ ਸਰਕਾਰ ਵਲੋਂ ਪੀੜਤ ਪਰਿਵਾਰਾਂ ਦੀ ਹਰ ਸੰਭਵ ਮਦਦ ਕੀਤੀ ਜਾਵੇਗੀ। ਜ਼ਖ਼ਮੀਆਂ ਵਿਚ ਪਰਮਜੀਤ ਕੌਰ, ਰੇਸ਼ਮ ਸਿੰਘ, ਗੁਰਪ੍ਰੀਤ ਸਿੰਘ ਅਤੇ ਹੋਰ ਸ਼ਾਮਲ ਹਨ ਜਿਨ੍ਹਾਂ ਦਾ ਇਲਾਜ ਚੱਲ ਰਿਹਾ ਹੈ। ਇਸ ਮੌਕੇ ਐਸ.ਡੀ.ਐਮ, ਸਿਵਲ ਸਰਜਨ ਅਤੇ ਹੋਰ ਅਧਿਕਾਰੀ ਹਾਜ਼ਰ ਸਨ।
ਡਿਫਰੈਂਟ ਕਾਨਵੈਂਟ ਸਕੂਲ ਨੂੰ ਮਿਲਿਆ ਸਪੋਰਟਸ ਅਤੇ ਕਲਚਰਲ ਐਕਟੀਵਿਟੀ ਐਵਾਰਡ : ਐਮ.ਕੇ. ਮੰਨਾ
ਸੰਗਰੂਰ ਮੰਡੀ 27 ਦਸੰਬਰ (ਡਾ.ਗੁਰਵਿੰਦਰ ਚੌਹਾਨ) ਪਹਿਰੇਦਾਰ ਦੇ ਪਿੰਡ ਖੁਰਦ ਵਿੱਚ ਸਥਿਤ ਡਿਫਰੈਂਟ ਕਾਨਵੈਂਟ ਸਕੂਲ ਨੂੰ SASHA Media Solution Pvt. Ltd. ਵਲੋਂ ਸਪੋਰਟਸ ਅਤੇ ਕਲਚਰਲ ਐਕਟੀਵਿਟੀ ਐਵਾਰਡ ਨਾਲ ਸਨਮਾਨਿਤ ਕੀਤਾ ਗਿਆ। ਸਕੂਲ ਦੇ ਐਮ.ਡੀ. ਐਮ.ਕੇ. ਮੰਨਾ ਨੇ ਦੱਸਿਆ ਕਿ ਇਹ ਐਵਾਰਡ ਸਕੂਲ ਦੇ ਵਿਦਿਆਰਥੀਆਂ ਵਲੋਂ ਖੇਡਾਂ ਅਤੇ ਸੱਭਿਆਚਾਰਕ ਗਤੀਵਿਧੀਆਂ ਵਿਚ ਸ਼ਾਨਦਾਰ ਪ੍ਰਦਰਸ਼ਨ ਲਈ ਦਿੱਤਾ ਗਿਆ ਹੈ। ਉਨ੍ਹਾਂ ਕਿਹਾ ਕਿ ਇਹ ਸਨਮਾਨ ਅਧਿਆਪਕਾਂ, ਮਾਪਿਆਂ ਅਤੇ ਵਿਦਿਆਰਥੀਆਂ ਦੀ ਮਿਹਨਤ ਦਾ ਨਤੀਜਾ ਹੈ ਅਤੇ ਸਕੂਲ ਭਵਿੱਖ ਵਿਚ ਵੀ ਇਸੇ ਤਰ੍ਹਾਂ ਤਰੱਕੀ ਕਰਦਾ ਰਹੇਗਾ।
ਸਰਦਾਰ ਸਿਮਰਨਜੀਤ ਸਿੰਘ ਮਾਨ ਦੇ ਯਤਨਾਂ ਨਾਲ ਮਸਕਟ ਅਤੇ ਸਲੇਮਾਨੀਆ ਇਰਾਕ ਵਿੱਚੋ ਦੋ ਬੀਬੀਆਂ ਦੀ ਹੋਈ ਘਰ ਵਾਪਸੀ - ਅਵਤਾਰ ਸਿੰਘ ਚੱਕ / ਹਰਦੇਵ ਸਿੰਘ ਪੱਪੂ ਕਲਿਆਣ
ਸ਼੍ਰੋਮਣੀ ਅਕਾਲੀ ਦਲ (ਅ) ਦੇ ਯਤਨਾਂ ਸਦਕਾ ਬੀਬੀਆਂ ਦੀ ਘਰ ਵਾਪਸੀ - ਪਰਿਵਾਰਾਂ ਨੇ ਕੀਤਾ ਧੰਨਵਾਦ
ਸੰਗਰੂਰ / ਦੁਬਈ 27 ਦਸੰਬਰ (ਜਸਵੀਰ ਸਿੰਘ ਫਰਵਾਲੀ) ਸ਼੍ਰੋਮਣੀ ਅਕਾਲੀ ਦਲ (ਅੰਮ੍ਰਿਤਸਰ) ਦੇ ਪ੍ਰਧਾਨ ਸਰਦਾਰ ਸਿਮਰਨਜੀਤ ਸਿੰਘ ਮਾਨ ਦੇ ਯਤਨਾਂ ਸਦਕਾ ਮਸਕਟ ਅਤੇ ਸਲੇਮਾਨੀਆ ਇਰਾਕ ਵਿਚ ਫਸੀਆਂ ਦੋ ਬੀਬੀਆਂ ਦੀ ਘਰ ਵਾਪਸੀ ਹੋਈ ਹੈ। ਇਸ ਸਬੰਧੀ ਜਾਣਕਾਰੀ ਦਿੰਦਿਆਂ ਅਵਤਾਰ ਸਿੰਘ ਚੱਕ ਅਤੇ ਹਰਦੇਵ ਸਿੰਘ ਪੱਪੂ ਕਲਿਆਣ ਨੇ ਦੱਸਿਆ ਕਿ ਇਹ ਬੀਬੀਆਂ ਏਜੰਟਾਂ ਦੇ ਧੋਖੇ ਦਾ ਸ਼ਿਕਾਰ ਹੋ ਕੇ ਵਿਦੇਸ਼ ਵਿਚ ਫਸ ਗਈਆਂ ਸਨ। ਪਰਿਵਾਰਾਂ ਵਲੋਂ ਪਾਰਟੀ ਨਾਲ ਸੰਪਰਕ ਕਰਨ ਤੇ ਸਰਦਾਰ ਮਾਨ ਨੇ ਭਾਰਤੀ ਦੂਤਾਵਾਸ ਨਾਲ ਰਾਬਤਾ ਕਾਇਮ ਕਰਕੇ ਉਨ੍ਹਾਂ ਦੀ ਸੁਰੱਖਿਅਤ ਘਰ ਵਾਪਸੀ ਕਰਵਾਈ। ਦੋਵਾਂ ਬੀਬੀਆਂ ਦੇ ਪਰਿਵਾਰਾਂ ਨੇ ਸਰਦਾਰ ਸਿਮਰਨਜੀਤ ਸਿੰਘ ਮਾਨ ਅਤੇ ਪਾਰਟੀ ਦੇ ਆਗੂਆਂ ਦਾ ਤਹਿ ਦਿਲੋਂ ਧੰਨਵਾਦ ਕੀਤਾ। ਆਗੂਆਂ ਨੇ ਲੋਕਾਂ ਨੂੰ ਅਪੀਲ ਕੀਤੀ ਕਿ ਵਿਦੇਸ਼ ਜਾਣ ਤੋਂ ਪਹਿਲਾਂ ਏਜੰਟਾਂ ਦੀ ਪੂਰੀ ਜਾਂਚ ਪੜਤਾਲ ਕਰਨ ਅਤੇ ਕੇਵਲ ਰਜਿਸਟਰਡ ਏਜੰਟਾਂ ਰਾਹੀਂ ਹੀ ਵਿਦੇਸ਼ ਜਾਣ ਤਾਂ ਜੋ ਕਿਸੇ ਮੁਸ਼ਕਲ ਦਾ ਸਾਹਮਣਾ ਨਾ ਕਰਨਾ ਪਵੇ।
ਸੰਗਰੂਰ / ਦੁਬਈ 27 ਦਸੰਬਰ (ਜਸਵੀਰ ਸਿੰਘ ਫਰਵਾਲੀ) ਸ਼੍ਰੋਮਣੀ ਅਕਾਲੀ ਦਲ (ਅੰਮ੍ਰਿਤਸਰ) ਦੇ ਪ੍ਰਧਾਨ ਸਰਦਾਰ ਸਿਮਰਨਜੀਤ ਸਿੰਘ ਮਾਨ ਦੇ ਯਤਨਾਂ ਸਦਕਾ ਮਸਕਟ ਅਤੇ ਸਲੇਮਾਨੀਆ ਇਰਾਕ ਵਿਚ ਫਸੀਆਂ ਦੋ ਬੀਬੀਆਂ ਦੀ ਘਰ ਵਾਪਸੀ ਹੋਈ ਹੈ। ਇਸ ਸਬੰਧੀ ਜਾਣਕਾਰੀ ਦਿੰਦਿਆਂ ਅਵਤਾਰ ਸਿੰਘ ਚੱਕ ਅਤੇ ਹਰਦੇਵ ਸਿੰਘ ਪੱਪੂ ਕਲਿਆਣ ਨੇ ਦੱਸਿਆ ਕਿ ਇਹ ਬੀਬੀਆਂ ਏਜੰਟਾਂ ਦੇ ਧੋਖੇ ਦਾ ਸ਼ਿਕਾਰ ਹੋ ਕੇ ਵਿਦੇਸ਼ ਵਿਚ ਫਸ ਗਈਆਂ ਸਨ। ਪਰਿਵਾਰਾਂ ਵਲੋਂ ਪਾਰਟੀ ਨਾਲ ਸੰਪਰਕ ਕਰਨ ਤੇ ਸਰਦਾਰ ਮਾਨ ਨੇ ਭਾਰਤੀ ਦੂਤਾਵਾਸ ਨਾਲ ਰਾਬਤਾ ਕਾਇਮ ਕਰਕੇ ਉਨ੍ਹਾਂ ਦੀ ਸੁਰੱਖਿਅਤ ਘਰ ਵਾਪਸੀ ਕਰਵਾਈ। ਦੋਵਾਂ ਬੀਬੀਆਂ ਦੇ ਪਰਿਵਾਰਾਂ ਨੇ ਸਰਦਾਰ ਸਿਮਰਨਜੀਤ ਸਿੰਘ ਮਾਨ ਅਤੇ ਪਾਰਟੀ ਦੇ ਆਗੂਆਂ ਦਾ ਤਹਿ ਦਿਲੋਂ ਧੰਨਵਾਦ ਕੀਤਾ। ਆਗੂਆਂ ਨੇ ਲੋਕਾਂ ਨੂੰ ਅਪੀਲ ਕੀਤੀ ਕਿ ਵਿਦੇਸ਼ ਜਾਣ ਤੋਂ ਪਹਿਲਾਂ ਏਜੰਟਾਂ ਦੀ ਪੂਰੀ ਜਾਂਚ ਪੜਤਾਲ ਕਰਨ ਅਤੇ ਕੇਵਲ ਰਜਿਸਟਰਡ ਏਜੰਟਾਂ ਰਾਹੀਂ ਹੀ ਵਿਦੇਸ਼ ਜਾਣ ਤਾਂ ਜੋ ਕਿਸੇ ਮੁਸ਼ਕਲ ਦਾ ਸਾਹਮਣਾ ਨਾ ਕਰਨਾ ਪਵੇ।
ਸੰਗਰੂਰ / ਦੁਬਈ 27 ਦਸੰਬਰ (ਜਸਵੀਰ ਸਿੰਘ ਫਰਵਾਲੀ) ਸ਼੍ਰੋਮਣੀ ਅਕਾਲੀ ਦਲ (ਅੰਮ੍ਰਿਤਸਰ) ਦੇ ਪ੍ਰਧਾਨ ਸਰਦਾਰ ਸਿਮਰਨਜੀਤ ਸਿੰਘ ਮਾਨ ਦੇ ਯਤਨਾਂ ਸਦਕਾ ਮਸਕਟ ਅਤੇ ਸਲੇਮਾਨੀਆ ਇਰਾਕ ਵਿਚ ਫਸੀਆਂ ਦੋ ਬੀਬੀਆਂ ਦੀ ਘਰ ਵਾਪਸੀ ਹੋਈ ਹੈ। ਇਸ ਸਬੰਧੀ ਜਾਣਕਾਰੀ ਦਿੰਦਿਆਂ ਅਵਤਾਰ ਸਿੰਘ ਚੱਕ ਅਤੇ ਹਰਦੇਵ ਸਿੰਘ ਪੱਪੂ ਕਲਿਆਣ ਨੇ ਦੱਸਿਆ ਕਿ ਇਹ ਬੀਬੀਆਂ ਏਜੰਟਾਂ ਦੇ ਧੋਖੇ ਦਾ ਸ਼ਿਕਾਰ ਹੋ ਕੇ ਵਿਦੇਸ਼ ਵਿਚ ਫਸ ਗਈਆਂ ਸਨ। ਪਰਿਵਾਰਾਂ ਵਲੋਂ ਪਾਰਟੀ ਨਾਲ ਸੰਪਰਕ ਕਰਨ ਤੇ ਸਰਦਾਰ ਮਾਨ ਨੇ ਭਾਰਤੀ ਦੂਤਾਵਾਸ ਨਾਲ ਰਾਬਤਾ ਕਾਇਮ ਕਰਕੇ ਉਨ੍ਹਾਂ ਦੀ ਸੁਰੱਖਿਅਤ ਘਰ ਵਾਪਸੀ ਕਰਵਾਈ। ਦੋਵਾਂ ਬੀਬੀਆਂ ਦੇ ਪਰਿਵਾਰਾਂ ਨੇ ਸਰਦਾਰ ਸਿਮਰਨਜੀਤ ਸਿੰਘ ਮਾਨ ਅਤੇ ਪਾਰਟੀ ਦੇ ਆਗੂਆਂ ਦਾ ਤਹਿ ਦਿਲੋਂ ਧੰਨਵਾਦ ਕੀਤਾ। ਆਗੂਆਂ ਨੇ ਲੋਕਾਂ ਨੂੰ ਅਪੀਲ ਕੀਤੀ ਕਿ ਵਿਦੇਸ਼ ਜਾਣ ਤੋਂ ਪਹਿਲਾਂ ਏਜੰਟਾਂ ਦੀ ਪੂਰੀ ਜਾਂਚ ਪੜਤਾਲ ਕਰਨ ਅਤੇ ਕੇਵਲ ਰਜਿਸਟਰਡ ਏਜੰਟਾਂ ਰਾਹੀਂ ਹੀ ਵਿਦੇਸ਼ ਜਾਣ ਤਾਂ ਜੋ ਕਿਸੇ ਮੁਸ਼ਕਲ ਦਾ ਸਾਹਮਣਾ ਨਾ ਕਰਨਾ ਪਵੇ।
ਸਾਬਕਾ ਪ੍ਰਧਾਨ ਮੰਤਰੀ ਡਾਕਟਰ ਮਨੋਹਨ ਸਿੰਘ ਦਾ ਚਲੇ ਜਾਣਾ ਦੇਸ਼ ਲਈ ਨਾ ਪੂਰਾ ਹੋਣ ਵਾਲਾ ਘਾਟਾ : ਗੁਰਪ੍ਰੀਤ ਸਿੰਘ ਕਾਲਾ
ਫਤਿਹਗੜ੍ਹ ਮੰਡੀ 27 ਦਸੰਬਰ (ਜਸਵੀਰ ਸਿੰਘ / ਜੱਸਾ ਬਰਾੜ) ਭਾਰਤ ਦੇ ਸਾਬਕਾ ਪ੍ਰਧਾਨ ਮੰਤਰੀ ਡਾਕਟਰ ਮਨਮੋਹਨ ਸਿੰਘ ਦੇ ਅਕਾਲ ਚਲਾਣੇ ਤੇ ਦੁੱਖ ਦਾ ਪ੍ਰਗਟਾਵਾ ਕਰਦਿਆਂ ਕਾਂਗਰਸ ਪਾਰਟੀ ਦੇ ਸੀਨੀਅਰ ਆਗੂ ਗੁਰਪ੍ਰੀਤ ਸਿੰਘ ਕਾਲਾ ਨੇ ਕਿਹਾ ਕਿ ਉਨ੍ਹਾਂ ਦਾ ਚਲੇ ਜਾਣਾ ਦੇਸ਼ ਲਈ ਨਾ ਪੂਰਾ ਹੋਣ ਵਾਲਾ ਘਾਟਾ ਹੈ। ਉਨ੍ਹਾਂ ਕਿਹਾ ਕਿ ਡਾਕਟਰ ਮਨਮੋਹਨ ਸਿੰਘ ਇਕ ਮਹਾਨ ਅਰਥ ਸ਼ਾਸਤਰੀ ਸਨ ਜਿਨ੍ਹਾਂ ਨੇ ਸਾਲ 1991 ਵਿਚ ਵਿੱਤ ਮੰਤਰੀ ਹੁੰਦਿਆਂ ਦੇਸ਼ ਦੀ ਡਿੱਗਦੀ ਆਰਥਿਕਤਾ ਨੂੰ ਸੰਭਾਲਿਆ ਅਤੇ ਨਵੀਆਂ ਆਰਥਿਕ ਨੀਤੀਆਂ ਲਾਗੂ ਕੀਤੀਆਂ। ਉਨ੍ਹਾਂ ਦਸ ਸਾਲ ਪ੍ਰਧਾਨ ਮੰਤਰੀ ਰਹਿੰਦਿਆਂ ਦੇਸ਼ ਦੀ ਸੇਵਾ ਕੀਤੀ ਅਤੇ ਸਿੱਖ ਕੌਮ ਦਾ ਮਾਣ ਵਧਾਇਆ। ਉਨ੍ਹਾਂ ਦੀ ਸਾਦਗੀ ਅਤੇ ਇਮਾਨਦਾਰੀ ਹਮੇਸ਼ਾ ਯਾਦ ਰੱਖੀ ਜਾਵੇਗੀ। ਉਨ੍ਹਾਂ ਨੇ ਪਰਮਾਤਮਾ ਅੱਗੇ ਅਰਦਾਸ ਕੀਤੀ ਕਿ ਵਿਛੜੀ ਰੂਹ ਨੂੰ ਆਪਣੇ ਚਰਨਾਂ ਵਿਚ ਨਿਵਾਸ ਬਖ਼ਸ਼ੇ ਅਤੇ ਪਰਿਵਾਰ ਨੂੰ ਭਾਣਾ ਮੰਨਣ ਦਾ ਬਲ ਬਖ਼ਸ਼ੇ।
ਫਤਿਹਗੜ੍ਹ ਮੰਡੀ 27 ਦਸੰਬਰ (ਜਸਵੀਰ ਸਿੰਘ / ਜੱਸਾ ਬਰਾੜ) ਭਾਰਤ ਦੇ ਸਾਬਕਾ ਪ੍ਰਧਾਨ ਮੰਤਰੀ ਡਾਕਟਰ ਮਨਮੋਹਨ ਸਿੰਘ ਦੇ ਅਕਾਲ ਚਲਾਣੇ ਤੇ ਦੁੱਖ ਦਾ ਪ੍ਰਗਟਾਵਾ ਕਰਦਿਆਂ ਕਾਂਗਰਸ ਪਾਰਟੀ ਦੇ ਸੀਨੀਅਰ ਆਗੂ ਗੁਰਪ੍ਰੀਤ ਸਿੰਘ ਕਾਲਾ ਨੇ ਕਿਹਾ ਕਿ ਉਨ੍ਹਾਂ ਦਾ ਚਲੇ ਜਾਣਾ ਦੇਸ਼ ਲਈ ਨਾ ਪੂਰਾ ਹੋਣ ਵਾਲਾ ਘਾਟਾ ਹੈ। ਉਨ੍ਹਾਂ ਕਿਹਾ ਕਿ ਡਾਕਟਰ ਮਨਮੋਹਨ ਸਿੰਘ ਇਕ ਮਹਾਨ ਅਰਥ ਸ਼ਾਸਤਰੀ ਸਨ ਜਿਨ੍ਹਾਂ ਨੇ ਸਾਲ 1991 ਵਿਚ ਵਿੱਤ ਮੰਤਰੀ ਹੁੰਦਿਆਂ ਦੇਸ਼ ਦੀ ਡਿੱਗਦੀ ਆਰਥਿਕਤਾ ਨੂੰ ਸੰਭਾਲਿਆ ਅਤੇ ਨਵੀਆਂ ਆਰਥਿਕ ਨੀਤੀਆਂ ਲਾਗੂ ਕੀਤੀਆਂ। ਉਨ੍ਹਾਂ ਦਸ ਸਾਲ ਪ੍ਰਧਾਨ ਮੰਤਰੀ ਰਹਿੰਦਿਆਂ ਦੇਸ਼ ਦੀ ਸੇਵਾ ਕੀਤੀ ਅਤੇ ਸਿੱਖ ਕੌਮ ਦਾ ਮਾਣ ਵਧਾਇਆ। ਉਨ੍ਹਾਂ ਦੀ ਸਾਦਗੀ ਅਤੇ ਇਮਾਨਦਾਰੀ ਹਮੇਸ਼ਾ ਯਾਦ ਰੱਖੀ ਜਾਵੇਗੀ। ਉਨ੍ਹਾਂ ਨੇ ਪਰਮਾਤਮਾ ਅੱਗੇ ਅਰਦਾਸ ਕੀਤੀ ਕਿ ਵਿਛੜੀ ਰੂਹ ਨੂੰ ਆਪਣੇ ਚਰਨਾਂ ਵਿਚ ਨਿਵਾਸ ਬਖ਼ਸ਼ੇ ਅਤੇ ਪਰਿਵਾਰ ਨੂੰ ਭਾਣਾ ਮੰਨਣ ਦਾ ਬਲ ਬਖ਼ਸ਼ੇ।
ਸ਼ਹੀਦੀ ਦਿਹਾੜੇ ਨੂੰ ਸਮਰਪਿਤ ਸਰਾਂ ਇਮੀਗ੍ਰੇਸ਼ਨ ਵਲੋਂ ਲੰਗਰ ਲਗਾਇਆ
ਨਿਹਾਲ ਸਿੰਘ ਵਾਲਾ 27 ਦਸੰਬਰ (ਬਲਜੀਤ ਸਿੰਘ) ਦਸਮ ਪਿਤਾ ਸ੍ਰੀ ਗੁਰੂ ਗੋਬਿੰਦ ਸਿੰਘ ਜੀ ਦੇ ਛੋਟੇ ਸਾਹਿਬਜ਼ਾਦਿਆਂ ਦੀ ਸ਼ਹੀਦੀ ਨੂੰ ਸਮਰਪਿਤ ਸਰਾਂ ਇਮੀਗ੍ਰੇਸ਼ਨ ਵਲੋਂ ਚਾਹ ਪਕੌੜਿਆਂ ਦਾ ਲੰਗਰ ਲਗਾਇਆ ਗਿਆ। ਇਸ ਮੌਕੇ ਸਰਾਂ ਇਮੀਗ੍ਰੇਸ਼ਨ ਦੇ ਐਮ.ਡੀ. ਨੇ ਕਿਹਾ ਕਿ ਸਾਹਿਬਜ਼ਾਦਿਆਂ ਦੀ ਸ਼ਹਾਦਤ ਲਾਸਾਨੀ ਹੈ ਅਤੇ ਸਾਨੂੰ ਉਨ੍ਹਾਂ ਤੋਂ ਪ੍ਰੇਰਣਾ ਲੈਣੀ ਚਾਹੀਦੀ ਹੈ। ਇਸ ਮੌਕੇ ਗੁਰਵਿੰਦਰ ਸਿੰਘ, ਅਮਨਦੀਪ ਸਿੰਘ, ਜਸਪ੍ਰੀਤ ਸਿੰਘ, ਰਣਜੀਤ ਸਿੰਘ, ਚਰਨਜੀਤ ਸਿੰਘ ਆਦਿ ਹਾਜ਼ਰ ਸਨ ਜਿਨ੍ਹਾਂ ਨੇ ਸੇਵਾ ਵਿਚ ਹਿੱਸਾ ਲਿਆ।
ਮੀਂਹ ਪੈਣ ਕਾਰਨ ਗਰੀਬ ਮਜ਼ਦੂਰ ਦੇ ਘਰ ਦੀ ਛੱਤ ਡਿੱਗੀ, ਮਾਂ ਪੁੱਤਰ ਘਰ ਦੀ ਛੱਤ ਹੇਠਾਂ ਆਉਣ ਕਾਰਨ ਹੋਏ ਗੰਭੀਰ ਜ਼ਖ਼ਮੀ
ਜੈਤੋ, 27 ਦਸੰਬਰ (ਮਨਜੀਤ ਸਿੰਘ ਢੱਲਾ)- ਬੀਤੀ ਰਾਤ ਤੋਂ ਪੈ ਰਹੇ ਮੀਂਹ ਕਾਰਨ ਪਿੰਡ ਦੇ ਇਕ ਗਰੀਬ ਮਜ਼ਦੂਰ ਦੇ ਘਰ ਦੀ ਛੱਤ ਡਿੱਗ ਪਈ ਜਿਸ ਕਾਰਨ ਘਰ ਵਿਚ ਸੁੱਤੇ ਪਏ ਮਾਂ ਪੁੱਤਰ ਛੱਤ ਹੇਠਾਂ ਆਉਣ ਕਾਰਨ ਗੰਭੀਰ ਜ਼ਖ਼ਮੀ ਹੋ ਗਏ। ਆਂਢ ਗੁਆਂਢ ਦੇ ਲੋਕਾਂ ਨੇ ਮਲਬਾ ਹਟਾ ਕੇ ਦੋਵਾਂ ਨੂੰ ਬਾਹਰ ਕੱਢਿਆ ਅਤੇ ਇਲਾਜ ਲਈ ਸਿਵਲ ਹਸਪਤਾਲ ਦਾਖ਼ਲ ਕਰਵਾਇਆ। ਪੀੜਤ ਪਰਿਵਾਰ ਨੇ ਪ੍ਰਸ਼ਾਸਨ ਅਤੇ ਸਮਾਜ ਸੇਵੀ ਸੰਸਥਾਵਾਂ ਤੋਂ ਆਰਥਿਕ ਮਦਦ ਦੀ ਮੰਗ ਕੀਤੀ ਹੈ ਤਾਂ ਜੋ ਉਹ ਆਪਣਾ ਘਰ ਮੁੜ ਬਣਾ ਸਕਣ ਅਤੇ ਇਲਾਜ ਕਰਵਾ ਸਕਣ।
ਜੈਤੋ, 27 ਦਸੰਬਰ (ਮਨਜੀਤ ਸਿੰਘ ਢੱਲਾ)- ਬੀਤੀ ਰਾਤ ਤੋਂ ਪੈ ਰਹੇ ਮੀਂਹ ਕਾਰਨ ਪਿੰਡ ਦੇ ਇਕ ਗਰੀਬ ਮਜ਼ਦੂਰ ਦੇ ਘਰ ਦੀ ਛੱਤ ਡਿੱਗ ਪਈ ਜਿਸ ਕਾਰਨ ਘਰ ਵਿਚ ਸੁੱਤੇ ਪਏ ਮਾਂ ਪੁੱਤਰ ਛੱਤ ਹੇਠਾਂ ਆਉਣ ਕਾਰਨ ਗੰਭੀਰ ਜ਼ਖ਼ਮੀ ਹੋ ਗਏ। ਆਂਢ ਗੁਆਂਢ ਦੇ ਲੋਕਾਂ ਨੇ ਮਲਬਾ ਹਟਾ ਕੇ ਦੋਵਾਂ ਨੂੰ ਬਾਹਰ ਕੱਢਿਆ ਅਤੇ ਇਲਾਜ ਲਈ ਸਿਵਲ ਹਸਪਤਾਲ ਦਾਖ਼ਲ ਕਰਵਾਇਆ। ਪੀੜਤ ਪਰਿਵਾਰ ਨੇ ਪ੍ਰਸ਼ਾਸਨ ਅਤੇ ਸਮਾਜ ਸੇਵੀ ਸੰਸਥਾਵਾਂ ਤੋਂ ਆਰਥਿਕ ਮਦਦ ਦੀ ਮੰਗ ਕੀਤੀ ਹੈ ਤਾਂ ਜੋ ਉਹ ਆਪਣਾ ਘਰ ਮੁੜ ਬਣਾ ਸਕਣ ਅਤੇ ਇਲਾਜ ਕਰਵਾ ਸਕਣ।
